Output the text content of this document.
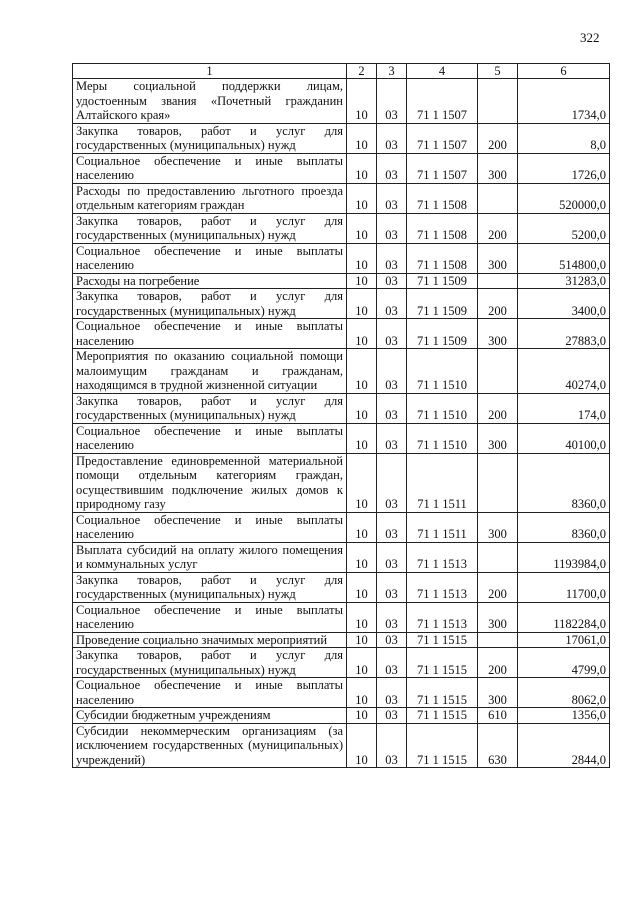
322
1	2	3	4	5	6

Меры социальной поддержки лицам, удостоенным звания «Почетный гражданин Алтайского края»	10	03	71 1 1507		1734,0

Закупка товаров, работ и услуг для государственных (муниципальных) нужд	10	03	71 1 1507	200	8,0

Социальное обеспечение и иные выплаты населению	10	03	71 1 1507	300	1726,0

Расходы по предоставлению льготного проезда отдельным категориям граждан	10	03	71 1 1508		520000,0

Закупка товаров, работ и услуг для государственных (муниципальных) нужд	10	03	71 1 1508	200	5200,0

Социальное обеспечение и иные выплаты населению	10	03	71 1 1508	300	514800,0

Расходы на погребение	10	03	71 1 1509		31283,0

Закупка товаров, работ и услуг для государственных (муниципальных) нужд	10	03	71 1 1509	200	3400,0

Социальное обеспечение и иные выплаты населению	10	03	71 1 1509	300	27883,0

Мероприятия по оказанию социальной помощи малоимущим гражданам и гражданам, находящимся в трудной жизненной ситуации	10	03	71 1 1510		40274,0

Закупка товаров, работ и услуг для государственных (муниципальных) нужд	10	03	71 1 1510	200	174,0

Социальное обеспечение и иные выплаты населению	10	03	71 1 1510	300	40100,0

Предоставление единовременной материальной помощи отдельным категориям граждан, осуществившим подключение жилых домов к природному газу	10	03	71 1 1511		8360,0

Социальное обеспечение и иные выплаты населению	10	03	71 1 1511	300	8360,0

Выплата субсидий на оплату жилого помещения и коммунальных услуг	10	03	71 1 1513		1193984,0

Закупка товаров, работ и услуг для государственных (муниципальных) нужд	10	03	71 1 1513	200	11700,0

Социальное обеспечение и иные выплаты населению	10	03	71 1 1513	300	1182284,0

Проведение социально значимых мероприятий	10	03	71 1 1515		17061,0

Закупка товаров, работ и услуг для государственных (муниципальных) нужд	10	03	71 1 1515	200	4799,0

Социальное обеспечение и иные выплаты населению	10	03	71 1 1515	300	8062,0

Субсидии бюджетным учреждениям	10	03	71 1 1515	610	1356,0

Субсидии некоммерческим организациям (за исключением государственных (муниципальных) учреждений)	10	03	71 1 1515	630	2844,0
